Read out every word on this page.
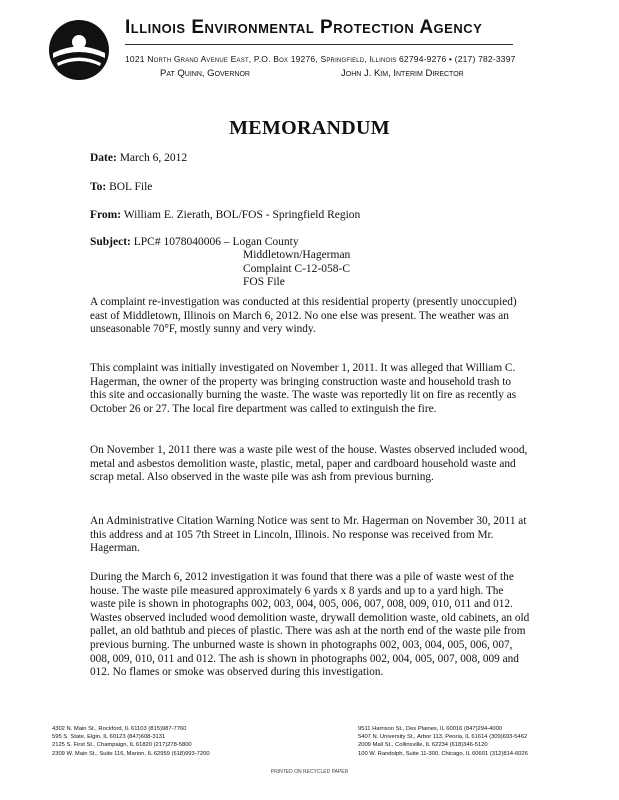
Illinois Environmental Protection Agency
1021 North Grand Avenue East, P.O. Box 19276, Springfield, Illinois 62794-9276 • (217) 782-3397
Pat Quinn, Governor	John J. Kim, Interim Director
MEMORANDUM
Date: March 6, 2012
To: BOL File
From: William E. Zierath, BOL/FOS - Springfield Region
Subject: LPC# 1078040006 – Logan County
Middletown/Hagerman
Complaint C-12-058-C
FOS File

A complaint re-investigation was conducted at this residential property (presently unoccupied) east of Middletown, Illinois on March 6, 2012. No one else was present. The weather was an unseasonable 70°F, mostly sunny and very windy.

This complaint was initially investigated on November 1, 2011. It was alleged that William C. Hagerman, the owner of the property was bringing construction waste and household trash to this site and occasionally burning the waste. The waste was reportedly lit on fire as recently as October 26 or 27. The local fire department was called to extinguish the fire.

On November 1, 2011 there was a waste pile west of the house. Wastes observed included wood, metal and asbestos demolition waste, plastic, metal, paper and cardboard household waste and scrap metal. Also observed in the waste pile was ash from previous burning.

An Administrative Citation Warning Notice was sent to Mr. Hagerman on November 30, 2011 at this address and at 105 7th Street in Lincoln, Illinois. No response was received from Mr. Hagerman.

During the March 6, 2012 investigation it was found that there was a pile of waste west of the house. The waste pile measured approximately 6 yards x 8 yards and up to a yard high. The waste pile is shown in photographs 002, 003, 004, 005, 006, 007, 008, 009, 010, 011 and 012. Wastes observed included wood demolition waste, drywall demolition waste, old cabinets, an old pallet, an old bathtub and pieces of plastic. There was ash at the north end of the waste pile from previous burning. The unburned waste is shown in photographs 002, 003, 004, 005, 006, 007, 008, 009, 010, 011 and 012. The ash is shown in photographs 002, 004, 005, 007, 008, 009 and 012. No flames or smoke was observed during this investigation.

4302 N. Main St., Rockford, IL 61103 (815)987-7760
595 S. State, Elgin, IL 60123 (847)608-3131
2125 S. First St., Champaign, IL 61820 (217)278-5800
2309 W. Main St., Suite 116, Marion, IL 62959 (618)993-7200
9511 Harrison St., Des Plaines, IL 60016 (847)294-4000
5407 N. University St., Arbor 113, Peoria, IL 61614 (309)693-5462
2009 Mall St., Collinsville, IL 62234 (618)346-5120
100 W. Randolph, Suite 11-300, Chicago, IL 60601 (312)814-6026
PRINTED ON RECYCLED PAPER
